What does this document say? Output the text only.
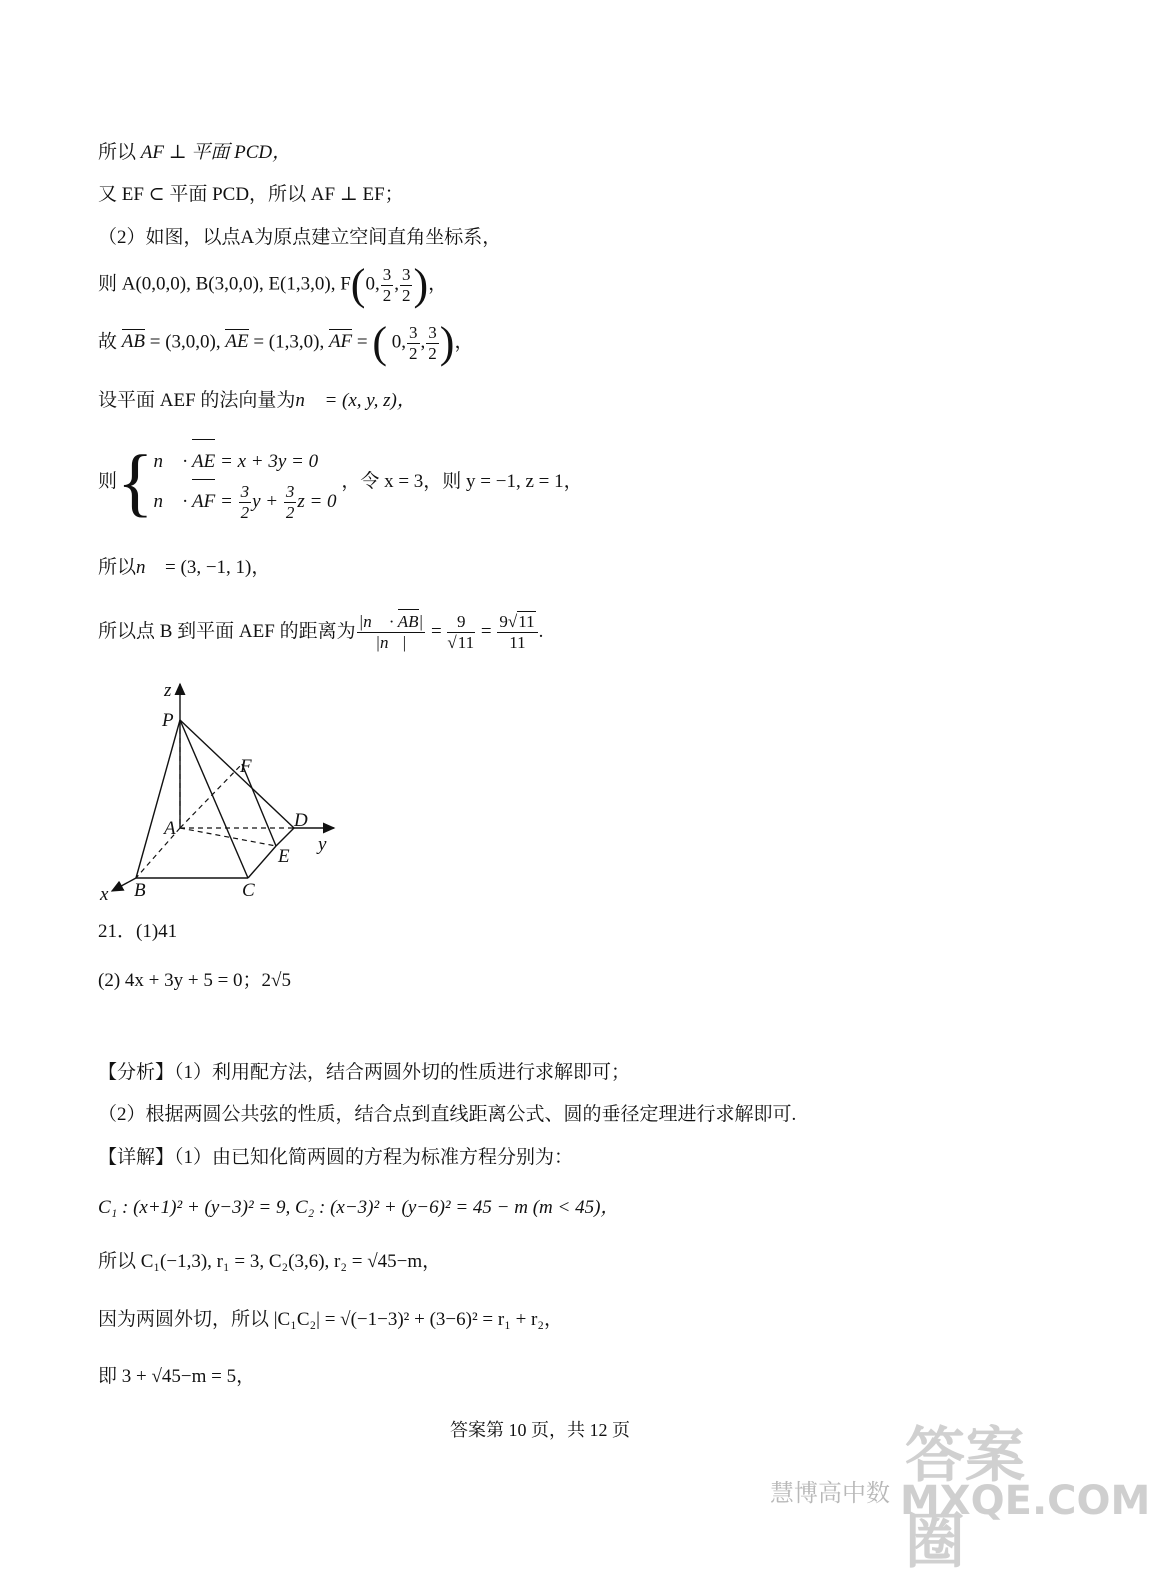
所以 AF ⊥ 平面 PCD，
又 EF ⊂ 平面 PCD，所以 AF ⊥ EF；
（2）如图，以点A为原点建立空间直角坐标系，
则 A(0,0,0), B(3,0,0), E(1,3,0), F(0, $\frac{3}{2}$ , $\frac{3}{2}$ )，
故 AB = (3,0,0), AE = (1,3,0), AF = ( 0, $\frac{3}{2}$ , $\frac{3}{2}$ )，
设平面 AEF 的法向量为n⃗ = (x, y, z)，
则{ n⃗ · AE = x + 3y = 0
n⃗ · AF = $\frac{3}{2}$ $y + \frac{3}{2}$ z = 0
，令 x = 3，则 y = −1, z = 1，
所以n⃗ = (3, −1, 1)，
所以点 B 到平面 AEF 的距离为 $\frac{|n⃗ \cdot AB|}{|n⃗|} = \frac{9}{√11} = \frac{9√11}{11}$ .
z
P
F
A	D
y
E
x B	C
21．(1)41
(2) 4x + 3y + 5 = 0；2√5
【分析】（1）利用配方法，结合两圆外切的性质进行求解即可；
（2）根据两圆公共弦的性质，结合点到直线距离公式、圆的垂径定理进行求解即可.
【详解】（1）由已知化简两圆的方程为标准方程分别为：
C₁ : (x+1)² + (y−3)² = 9, C₂ : (x−3)² + (y−6)² = 45 − m (m < 45)，
所以 C₁(−1,3), r₁ = 3, C₂(3,6), r₂ = √45−m，
因为两圆外切，所以 |C₁C₂| = √(−1−3)² + (3−6)² = r₁ + r₂，
即 3 + √45−m = 5，
答案第 10 页，共 12 页
慧博高中数
答案圈
MXQE.COM
